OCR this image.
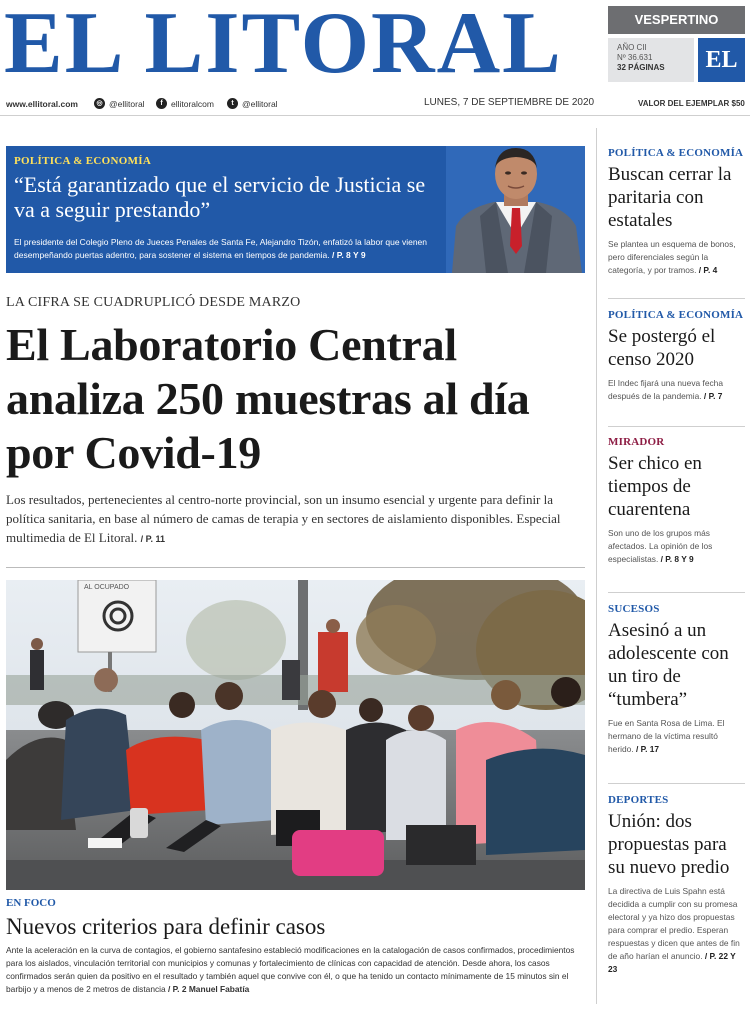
EL LITORAL	VESPERTINO
AÑO CII
Nº 36.631
32 PÁGINAS	EL
www.ellitoral.com	◎ @ellitoral	f ellitoralcom	t @ellitoral	LUNES, 7 DE SEPTIEMBRE DE 2020	VALOR DEL EJEMPLAR $50
POLÍTICA & ECONOMÍA
“Está garantizado que el servicio de Justicia se va a seguir prestando”
El presidente del Colegio Pleno de Jueces Penales de Santa Fe, Alejandro Tizón, enfatizó la labor que vienen desempeñando puertas adentro, para sostener el sistema en tiempos de pandemia. / P. 8 Y 9
LA CIFRA SE CUADRUPLICÓ DESDE MARZO
El Laboratorio Central analiza 250 muestras al día por Covid-19
Los resultados, pertenecientes al centro-norte provincial, son un insumo esencial y urgente para definir la política sanitaria, en base al número de camas de terapia y en sectores de aislamiento disponibles. Especial multimedia de El Litoral. / P. 11
AL OCUPADO
EN FOCO
Nuevos criterios para definir casos
Ante la aceleración en la curva de contagios, el gobierno santafesino estableció modificaciones en la catalogación de casos confirmados, procedimientos para los aislados, vinculación territorial con municipios y comunas y fortalecimiento de clínicas con capacidad de atención. Desde ahora, los casos confirmados serán quien da positivo en el resultado y también aquel que convive con él, o que ha tenido un contacto mínimamente de 15 minutos sin el barbijo y a menos de 2 metros de distancia / P. 2 Manuel Fabatía
POLÍTICA & ECONOMÍA
Buscan cerrar la paritaria con estatales
Se plantea un esquema de bonos, pero diferenciales según la categoría, y por tramos. / P. 4
POLÍTICA & ECONOMÍA
Se postergó el censo 2020
El Indec fijará una nueva fecha después de la pandemia. / P. 7
MIRADOR
Ser chico en tiempos de cuarentena
Son uno de los grupos más afectados. La opinión de los especialistas. / P. 8 Y 9
SUCESOS
Asesinó a un adolescente con un tiro de “tumbera”
Fue en Santa Rosa de Lima. El hermano de la víctima resultó herido. / P. 17
DEPORTES
Unión: dos propuestas para su nuevo predio
La directiva de Luis Spahn está decidida a cumplir con su promesa electoral y ya hizo dos propuestas para comprar el predio. Esperan respuestas y dicen que antes de fin de año harían el anuncio. / P. 22 Y 23
